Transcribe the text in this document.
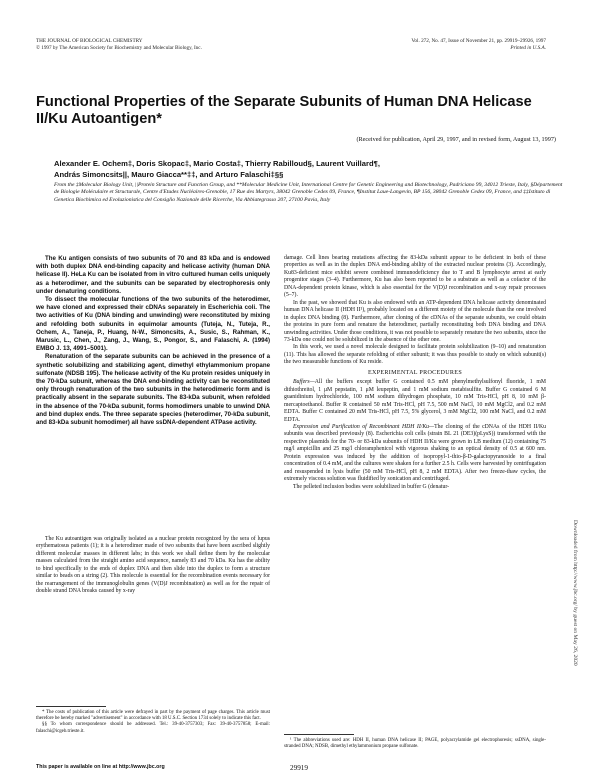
THE JOURNAL OF BIOLOGICAL CHEMISTRY
© 1997 by The American Society for Biochemistry and Molecular Biology, Inc.
Vol. 272, No. 47, Issue of November 21, pp. 29919–29926, 1997
Printed in U.S.A.
Functional Properties of the Separate Subunits of Human DNA Helicase II/Ku Autoantigen*
(Received for publication, April 29, 1997, and in revised form, August 13, 1997)
Alexander E. Ochem‡, Doris Skopac‡, Mario Costa‡, Thierry Rabilloud§, Laurent Vuillard¶,
András Simoncsits||, Mauro Giacca**‡‡, and Arturo Falaschi‡§§
From the ‡Molecular Biology Unit, ||Protein Structure and Function Group, and **Molecular Medicine Unit, International Centre for Genetic Engineering and Biotechnology, Padriciano 99, 34012 Trieste, Italy, §Département de Biologie Moléculaire et Structurale, Centre d'Etudes Nucléaires-Grenoble, 17 Rue des Martyrs, 38042 Grenoble Cedex 09, France, ¶Institut Laue-Langevin, BP 156, 38042 Grenoble Cedex 09, France, and ‡‡Istituto di Genetica Biochimica ed Evoluzionistica del Consiglio Nazionale delle Ricerche, Via Abbiategrasso 207, 27100 Pavia, Italy

The Ku antigen consists of two subunits of 70 and 83 kDa and is endowed with both duplex DNA end-binding capacity and helicase activity (human DNA helicase II). HeLa Ku can be isolated from in vitro cultured human cells uniquely as a heterodimer, and the subunits can be separated by electrophoresis only under denaturing conditions.

To dissect the molecular functions of the two subunits of the heterodimer, we have cloned and expressed their cDNAs separately in Escherichia coli. The two activities of Ku (DNA binding and unwinding) were reconstituted by mixing and refolding both subunits in equimolar amounts (Tuteja, N., Tuteja, R., Ochem, A., Taneja, P., Huang, N-W., Simoncsits, A., Susic, S., Rahman, K., Marusic, L., Chen, J., Zang, J., Wang, S., Pongor, S., and Falaschi, A. (1994) EMBO J. 13, 4991–5001).

Renaturation of the separate subunits can be achieved in the presence of a synthetic solubilizing and stabilizing agent, dimethyl ethylammonium propane sulfonate (NDSB 195). The helicase activity of the Ku protein resides uniquely in the 70-kDa subunit, whereas the DNA end-binding activity can be reconstituted only through renaturation of the two subunits in the heterodimeric form and is practically absent in the separate subunits. The 83-kDa subunit, when refolded in the absence of the 70-kDa subunit, forms homodimers unable to unwind DNA and bind duplex ends. The three separate species (heterodimer, 70-kDa subunit, and 83-kDa subunit homodimer) all have ssDNA-dependent ATPase activity.

The Ku autoantigen was originally isolated as a nuclear protein recognized by the sera of lupus erythematosus patients (1); it is a heterodimer made of two subunits that have been ascribed slightly different molecular masses in different labs; in this work we shall define them by the molecular masses calculated from the straight amino acid sequence, namely 83 and 70 kDa. Ku has the ability to bind specifically to the ends of duplex DNA and then slide into the duplex to form a structure similar to beads on a string (2). This molecule is essential for the recombination events necessary for the rearrangement of the immunoglobulin genes (V(D)J recombination) as well as for the repair of double strand DNA breaks caused by x-ray

* The costs of publication of this article were defrayed in part by the payment of page charges. This article must therefore be hereby marked "advertisement" in accordance with 18 U.S.C. Section 1734 solely to indicate this fact.

§§ To whom correspondence should be addressed. Tel.: 39-40-3757303; Fax: 39-40-3757858; E-mail: falaschi@icgeb.trieste.it.

damage. Cell lines bearing mutations affecting the 83-kDa subunit appear to be deficient in both of these properties as well as in the duplex DNA end-binding ability of the extracted nuclear proteins (3). Accordingly, Ku83-deficient mice exhibit severe combined immunodeficiency due to T and B lymphocyte arrest at early progenitor stages (3–4). Furthermore, Ku has also been reported to be a substrate as well as a cofactor of the DNA-dependent protein kinase, which is also essential for the V(D)J recombination and x-ray repair processes (5–7).

In the past, we showed that Ku is also endowed with an ATP-dependent DNA helicase activity denominated human DNA helicase II (HDH II¹), probably located on a different moiety of the molecule than the one involved in duplex DNA binding (8). Furthermore, after cloning of the cDNAs of the separate subunits, we could obtain the proteins in pure form and renature the heterodimer, partially reconstituting both DNA binding and DNA unwinding activities. Under those conditions, it was not possible to separately renature the two subunits, since the 73-kDa one could not be solubilized in the absence of the other one.

In this work, we used a novel molecule designed to facilitate protein solubilization (9–10) and renaturation (11). This has allowed the separate refolding of either subunit; it was thus possible to study on which subunit(s) the two measurable functions of Ku reside.

EXPERIMENTAL PROCEDURES

Buffers—All the buffers except buffer G contained 0.5 mM phenylmethylsulfonyl fluoride, 1 mM dithiothreitol, 1 μM pepstatin, 1 μM leupeptin, and 1 mM sodium metabisulfite. Buffer G contained 6 M guanidinium hydrochloride, 100 mM sodium dihydrogen phosphate, 10 mM Tris-HCl, pH 8, 10 mM β-mercaptoethanol. Buffer R contained 50 mM Tris-HCl, pH 7.5, 500 mM NaCl, 10 mM MgCl2, and 0.2 mM EDTA. Buffer C contained 20 mM Tris-HCl, pH 7.5, 5% glycerol, 3 mM MgCl2, 100 mM NaCl, and 0.2 mM EDTA.

Expression and Purification of Recombinant HDH II/Ku—The cloning of the cDNAs of the HDH II/Ku subunits was described previously (8). Escherichia coli cells (strain BL 21 (DE3)(pLysS)) transformed with the respective plasmids for the 70- or 83-kDa subunits of HDH II/Ku were grown in LB medium (12) containing 75 mg/l ampicillin and 25 mg/l chloramphenicol with vigorous shaking to an optical density of 0.5 at 600 nm. Protein expression was induced by the addition of isopropyl-1-thio-β-D-galactopyranoside to a final concentration of 0.4 mM, and the cultures were shaken for a further 2.5 h. Cells were harvested by centrifugation and resuspended in lysis buffer (50 mM Tris-HCl, pH 8, 2 mM EDTA). After two freeze-thaw cycles, the extremely viscous solution was fluidified by sonication and centrifuged.

The pelleted inclusion bodies were solubilized in buffer G (denatur-

¹ The abbreviations used are: HDH II, human DNA helicase II; PAGE, polyacrylamide gel electrophoresis; ssDNA, single-stranded DNA; NDSB, dimethyl ethylammonium propane sulfonate.

Downloaded from http://www.jbc.org/ by guest on May 26, 2020
This paper is available on line at http://www.jbc.org	29919
